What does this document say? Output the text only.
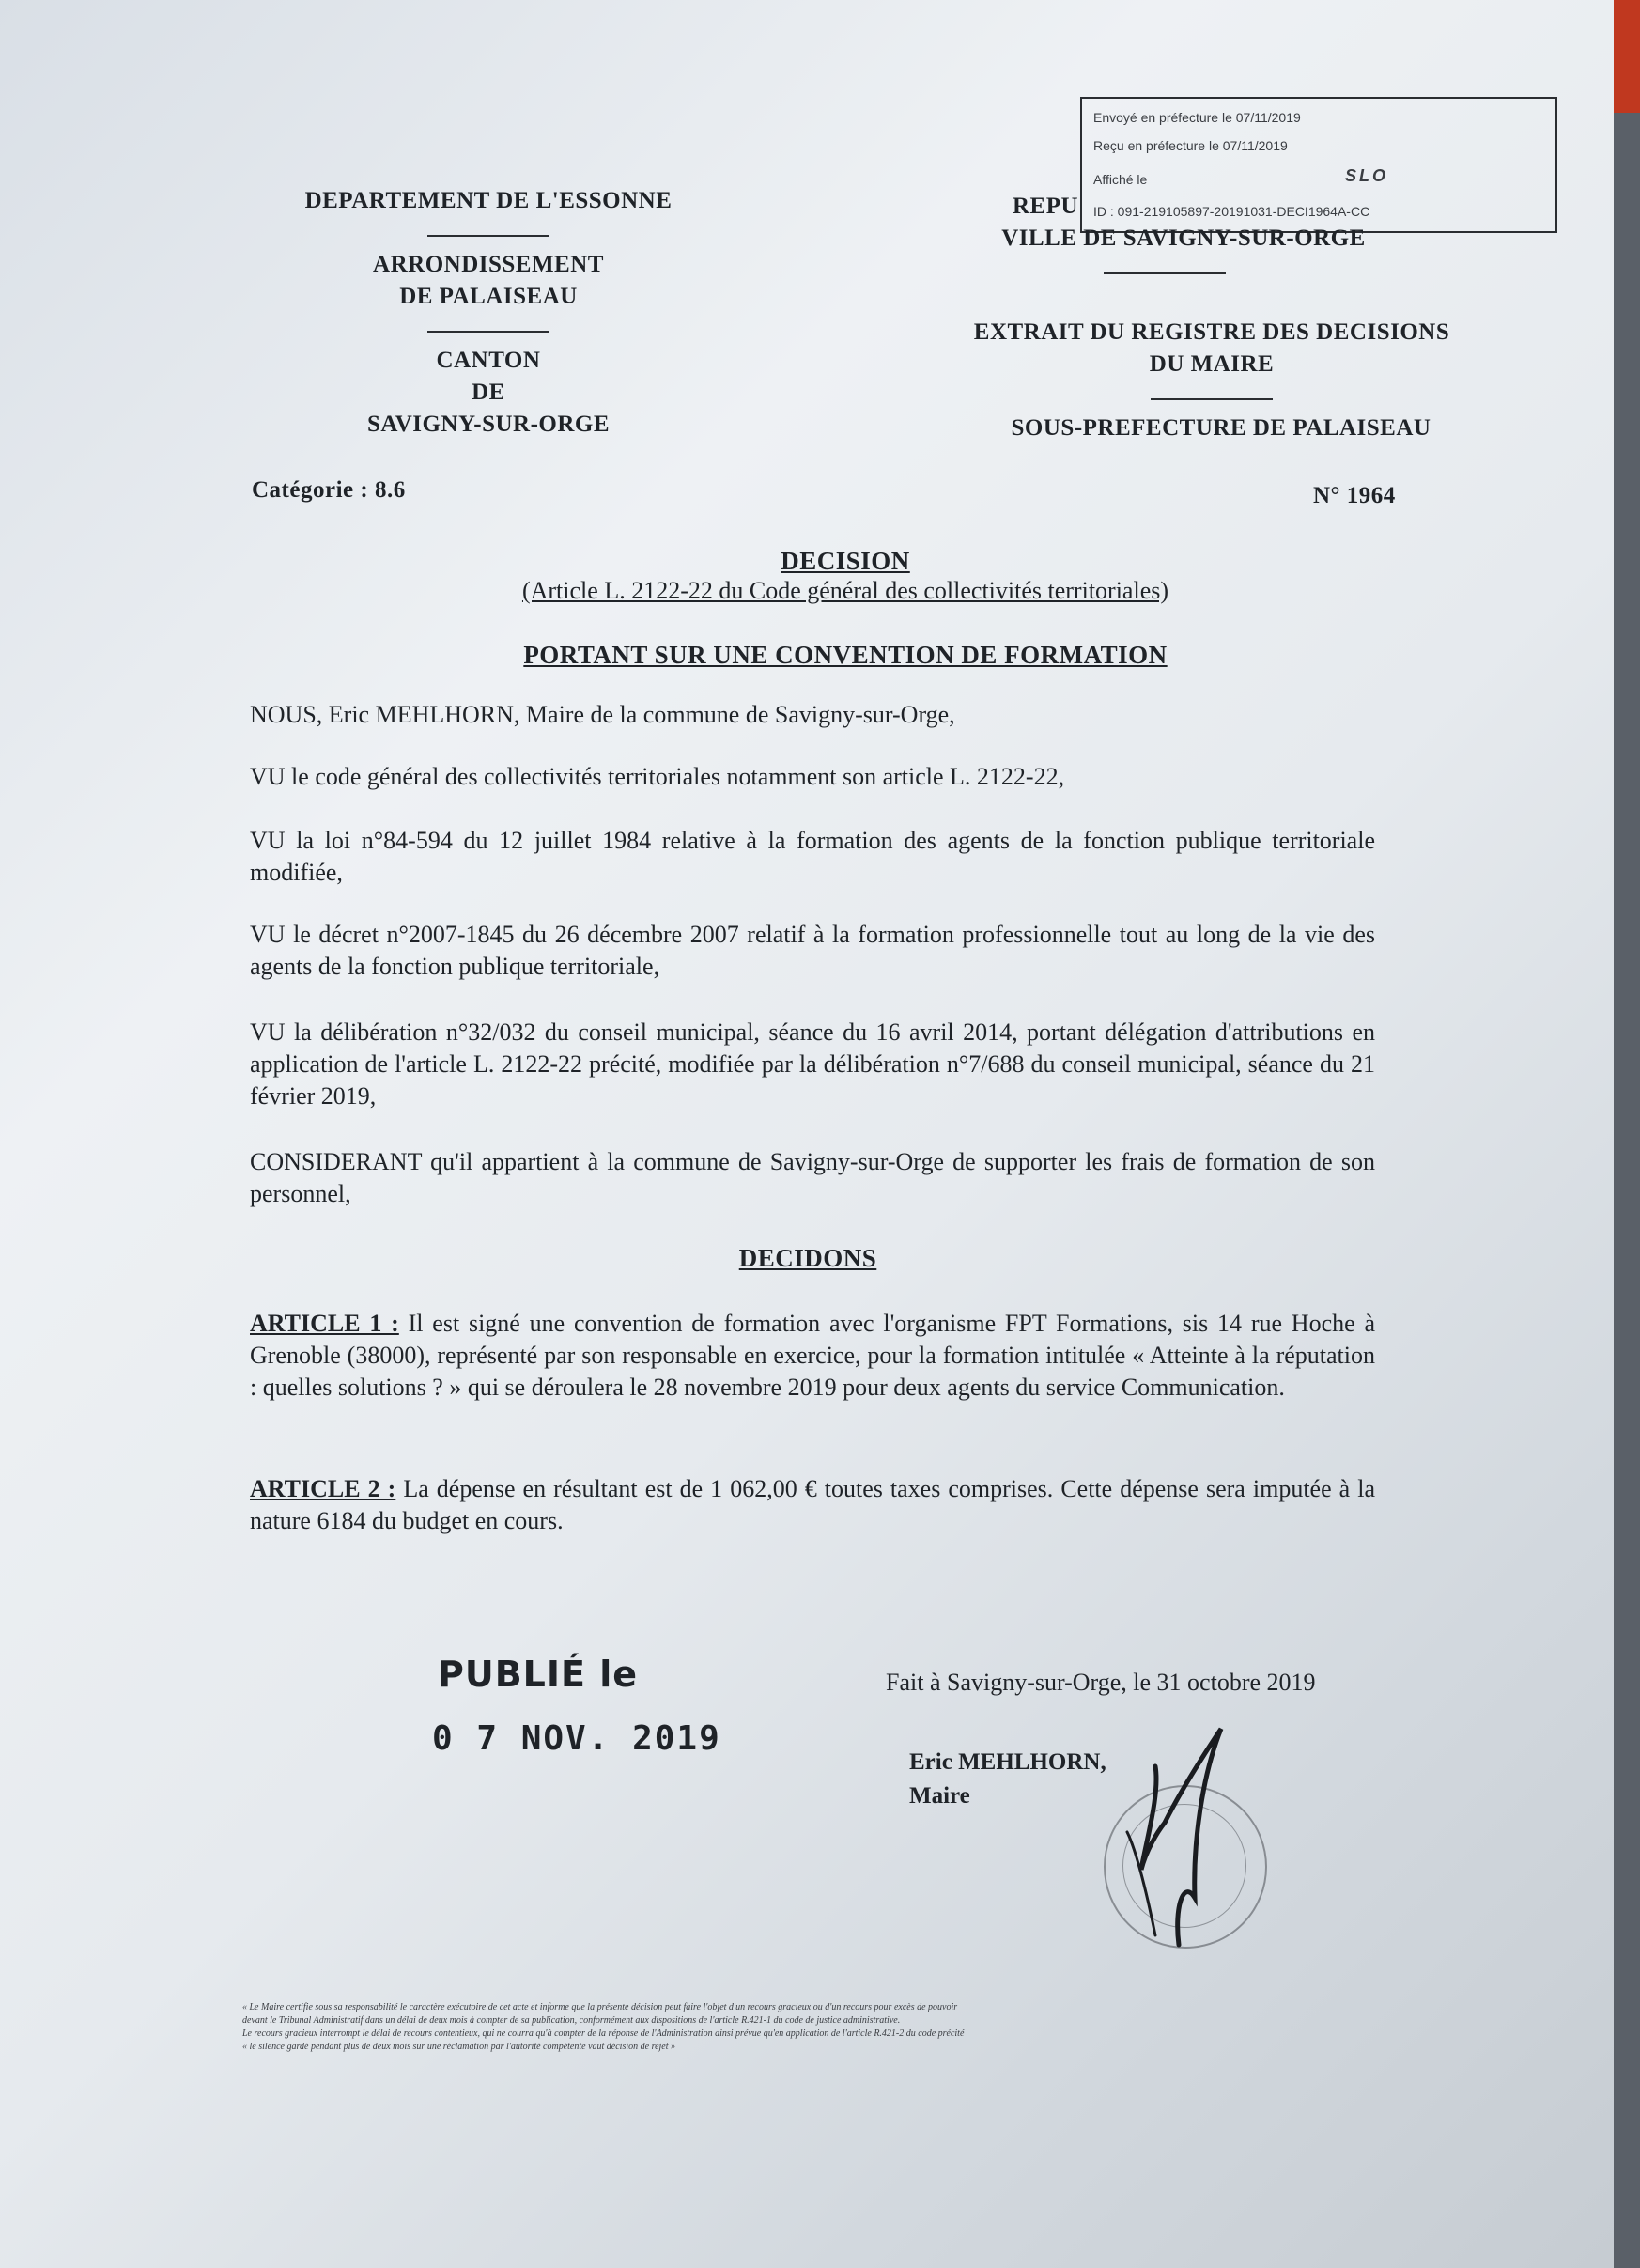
Envoyé en préfecture le 07/11/2019
Reçu en préfecture le 07/11/2019
Affiché le	SLO
ID : 091-219105897-20191031-DECI1964A-CC
DEPARTEMENT DE L'ESSONNE
ARRONDISSEMENT
DE PALAISEAU
CANTON
DE
SAVIGNY-SUR-ORGE
REPU
VILLE DE SAVIGNY-SUR-ORGE
EXTRAIT DU REGISTRE DES DECISIONS
DU MAIRE
SOUS-PREFECTURE DE PALAISEAU
Catégorie : 8.6	N° 1964
DECISION
(Article L. 2122-22 du Code général des collectivités territoriales)
PORTANT SUR UNE CONVENTION DE FORMATION
NOUS, Eric MEHLHORN, Maire de la commune de Savigny-sur-Orge,
VU le code général des collectivités territoriales notamment son article L. 2122-22,
VU la loi n°84-594 du 12 juillet 1984 relative à la formation des agents de la fonction publique territoriale modifiée,
VU le décret n°2007-1845 du 26 décembre 2007 relatif à la formation professionnelle tout au long de la vie des agents de la fonction publique territoriale,
VU la délibération n°32/032 du conseil municipal, séance du 16 avril 2014, portant délégation d'attributions en application de l'article L. 2122-22 précité, modifiée par la délibération n°7/688 du conseil municipal, séance du 21 février 2019,
CONSIDERANT qu'il appartient à la commune de Savigny-sur-Orge de supporter les frais de formation de son personnel,
DECIDONS
ARTICLE 1 : Il est signé une convention de formation avec l'organisme FPT Formations, sis 14 rue Hoche à Grenoble (38000), représenté par son responsable en exercice, pour la formation intitulée « Atteinte à la réputation : quelles solutions ? » qui se déroulera le 28 novembre 2019 pour deux agents du service Communication.
ARTICLE 2 : La dépense en résultant est de 1 062,00 € toutes taxes comprises. Cette dépense sera imputée à la nature 6184 du budget en cours.
PUBLIÉ le
0 7 NOV. 2019
Fait à Savigny-sur-Orge, le 31 octobre 2019
Eric MEHLHORN,
Maire
« Le Maire certifie sous sa responsabilité le caractère exécutoire de cet acte et informe que la présente décision peut faire l'objet d'un recours gracieux ou d'un recours pour excès de pouvoir
devant le Tribunal Administratif dans un délai de deux mois à compter de sa publication, conformément aux dispositions de l'article R.421-1 du code de justice administrative.
Le recours gracieux interrompt le délai de recours contentieux, qui ne courra qu'à compter de la réponse de l'Administration ainsi prévue qu'en application de l'article R.421-2 du code précité
« le silence gardé pendant plus de deux mois sur une réclamation par l'autorité compétente vaut décision de rejet »
